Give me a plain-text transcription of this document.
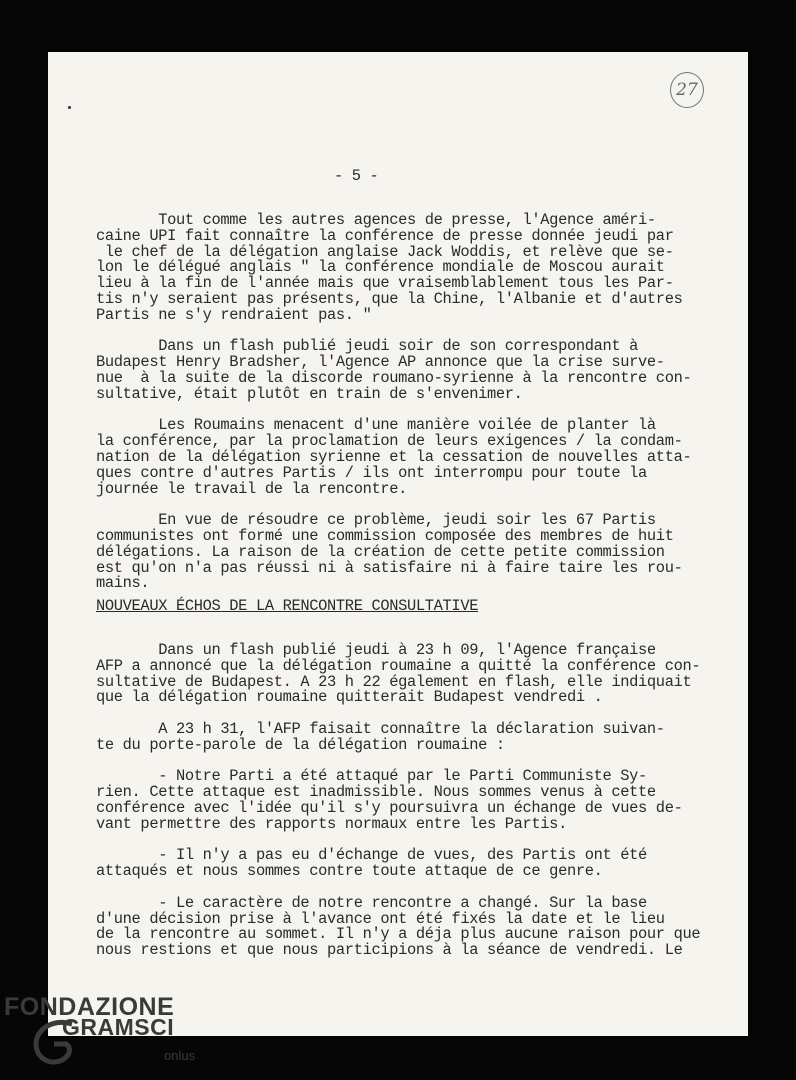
27
- 5 -
Tout comme les autres agences de presse, l'Agence améri-
caine UPI fait connaître la conférence de presse donnée jeudi par
le chef de la délégation anglaise Jack Woddis, et relève que se-
lon le délégué anglais " la conférence mondiale de Moscou aurait
lieu à la fin de l'année mais que vraisemblablement tous les Par-
tis n'y seraient pas présents, que la Chine, l'Albanie et d'autres
Partis ne s'y rendraient pas. "
Dans un flash publié jeudi soir de son correspondant à
Budapest Henry Bradsher, l'Agence AP annonce que la crise surve-
nue  à la suite de la discorde roumano-syrienne à la rencontre con-
sultative, était plutôt en train de s'envenimer.
Les Roumains menacent d'une manière voilée de planter là
la conférence, par la proclamation de leurs exigences / la condam-
nation de la délégation syrienne et la cessation de nouvelles atta-
ques contre d'autres Partis / ils ont interrompu pour toute la
journée le travail de la rencontre.
En vue de résoudre ce problème, jeudi soir les 67 Partis
communistes ont formé une commission composée des membres de huit
délégations. La raison de la création de cette petite commission
est qu'on n'a pas réussi ni à satisfaire ni à faire taire les rou-
mains.
NOUVEAUX ÉCHOS DE LA RENCONTRE CONSULTATIVE
Dans un flash publié jeudi à 23 h 09, l'Agence française
AFP a annoncé que la délégation roumaine a quitté la conférence con-
sultative de Budapest. A 23 h 22 également en flash, elle indiquait
que la délégation roumaine quitterait Budapest vendredi .
A 23 h 31, l'AFP faisait connaître la déclaration suivan-
te du porte-parole de la délégation roumaine :
- Notre Parti a été attaqué par le Parti Communiste Sy-
rien. Cette attaque est inadmissible. Nous sommes venus à cette
conférence avec l'idée qu'il s'y poursuivra un échange de vues de-
vant permettre des rapports normaux entre les Partis.
- Il n'y a pas eu d'échange de vues, des Partis ont été
attaqués et nous sommes contre toute attaque de ce genre.
- Le caractère de notre rencontre a changé. Sur la base
d'une décision prise à l'avance ont été fixés la date et le lieu
de la rencontre au sommet. Il n'y a déja plus aucune raison pour que
nous restions et que nous participions à la séance de vendredi. Le
FONDAZIONE
GRAMSCI
onlus
